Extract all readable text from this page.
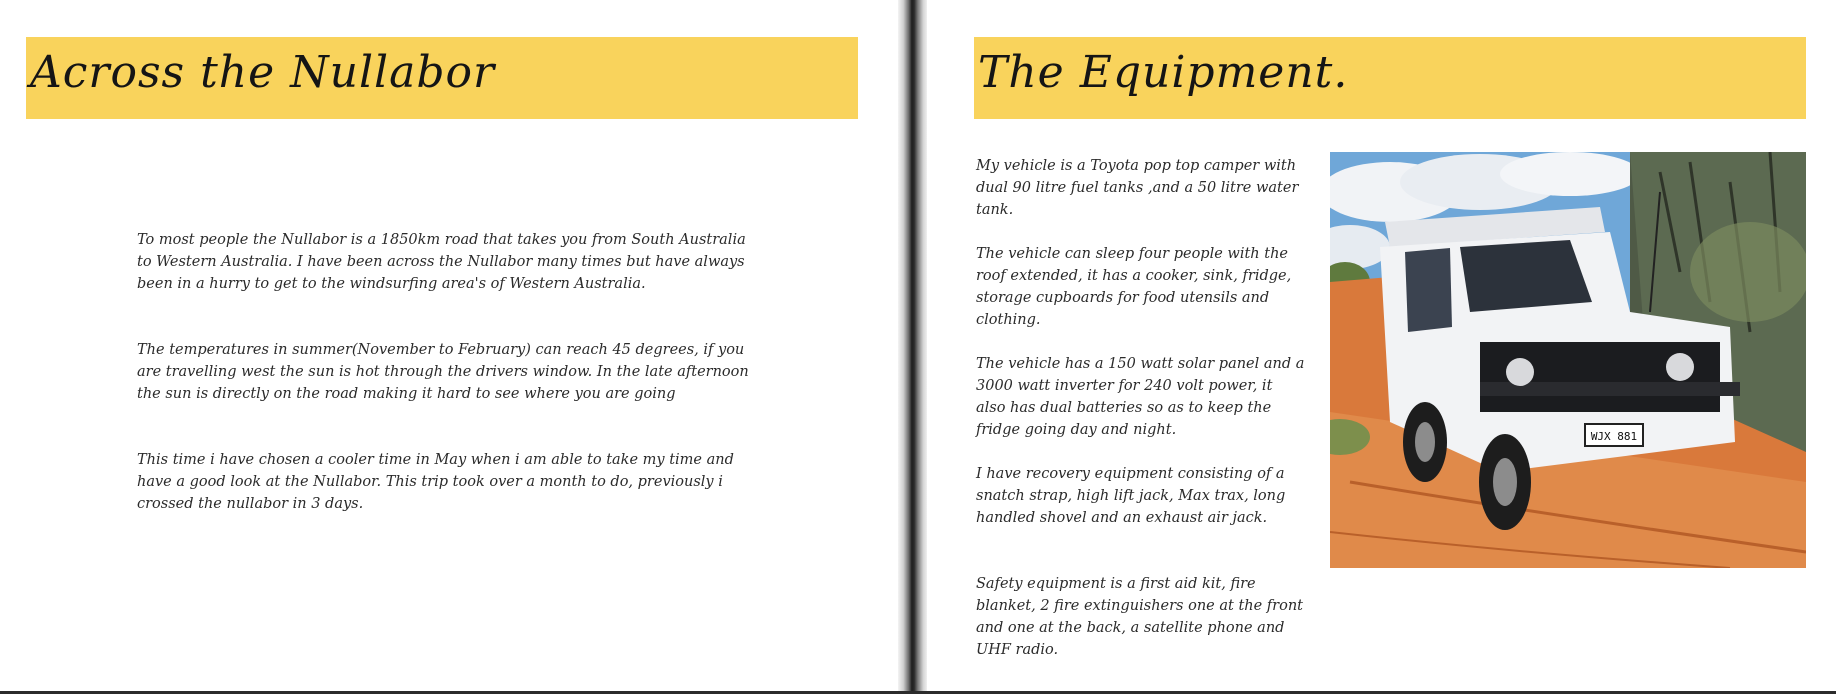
Across the Nullabor

To most people the Nullabor is a 1850km road that takes you from South Australia to Western Australia. I have been across the Nullabor many times but have always been in a hurry to get to the windsurfing area's of Western Australia.

The temperatures in summer(November to February) can reach 45 degrees, if you are travelling west the sun is hot through the drivers window. In the late afternoon the sun is directly on the road making it hard to see where you are going

This time i have chosen a cooler time in May when i am able to take my time and have a good look at the Nullabor. This trip took over a month to do, previously i crossed the nullabor in 3 days.

The Equipment.

My vehicle is a Toyota pop top camper with dual 90 litre fuel tanks ,and a 50 litre water tank.

The vehicle can sleep four people with the roof extended, it has a cooker, sink, fridge, storage cupboards for food utensils and clothing.

The vehicle has a 150 watt solar panel and a 3000 watt inverter for 240 volt power, it also has dual batteries so as to keep the fridge going day and night.

I have recovery equipment consisting of a snatch strap, high lift jack, Max trax, long handled shovel and an exhaust air jack.

Safety equipment is a first aid kit, fire blanket, 2 fire extinguishers one at the front and one at the back, a satellite phone and UHF radio.

WJX 881
